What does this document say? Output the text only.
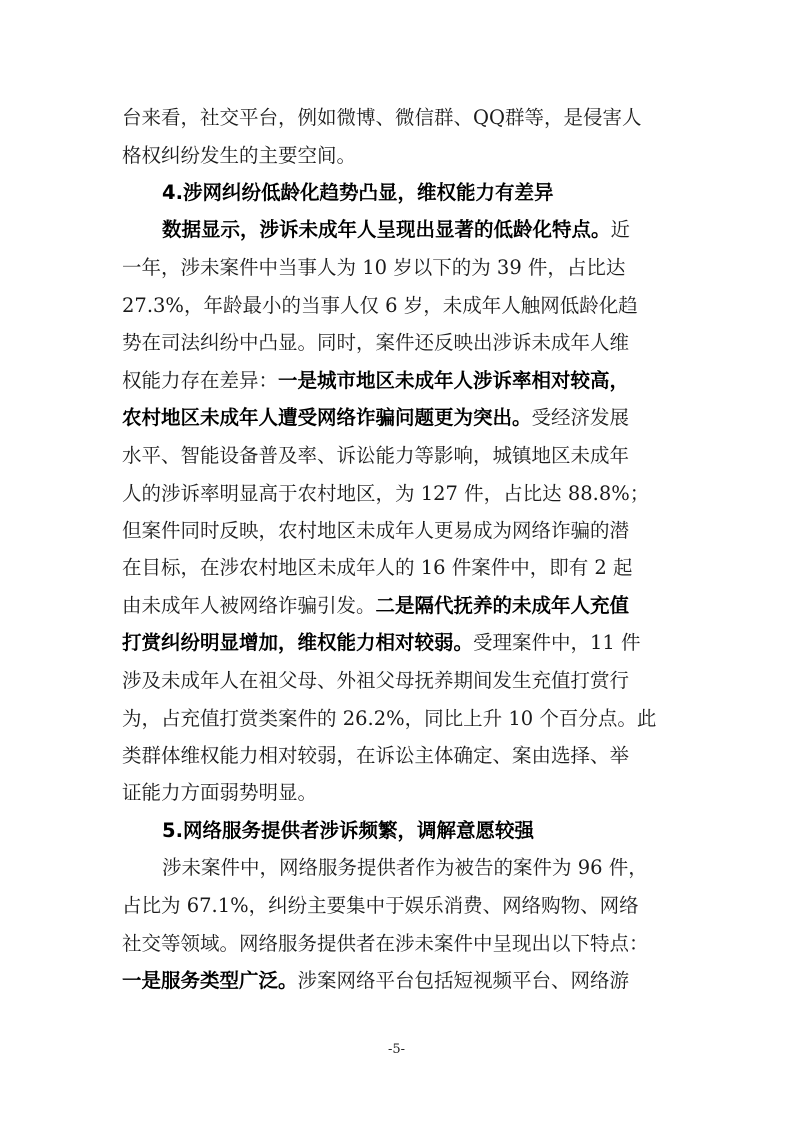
台来看，社交平台，例如微博、微信群、QQ群等，是侵害人
格权纠纷发生的主要空间。
4.涉网纠纷低龄化趋势凸显，维权能力有差异
数据显示，涉诉未成年人呈现出显著的低龄化特点。近
一年，涉未案件中当事人为 10 岁以下的为 39 件，占比达
27.3%，年龄最小的当事人仅 6 岁，未成年人触网低龄化趋
势在司法纠纷中凸显。同时，案件还反映出涉诉未成年人维
权能力存在差异：一是城市地区未成年人涉诉率相对较高，
农村地区未成年人遭受网络诈骗问题更为突出。受经济发展
水平、智能设备普及率、诉讼能力等影响，城镇地区未成年
人的涉诉率明显高于农村地区，为 127 件，占比达 88.8%；
但案件同时反映，农村地区未成年人更易成为网络诈骗的潜
在目标，在涉农村地区未成年人的 16 件案件中，即有 2 起
由未成年人被网络诈骗引发。二是隔代抚养的未成年人充值
打赏纠纷明显增加，维权能力相对较弱。受理案件中，11 件
涉及未成年人在祖父母、外祖父母抚养期间发生充值打赏行
为，占充值打赏类案件的 26.2%，同比上升 10 个百分点。此
类群体维权能力相对较弱，在诉讼主体确定、案由选择、举
证能力方面弱势明显。
5.网络服务提供者涉诉频繁，调解意愿较强
涉未案件中，网络服务提供者作为被告的案件为 96 件，
占比为 67.1%，纠纷主要集中于娱乐消费、网络购物、网络
社交等领域。网络服务提供者在涉未案件中呈现出以下特点：
一是服务类型广泛。涉案网络平台包括短视频平台、网络游
-5-
